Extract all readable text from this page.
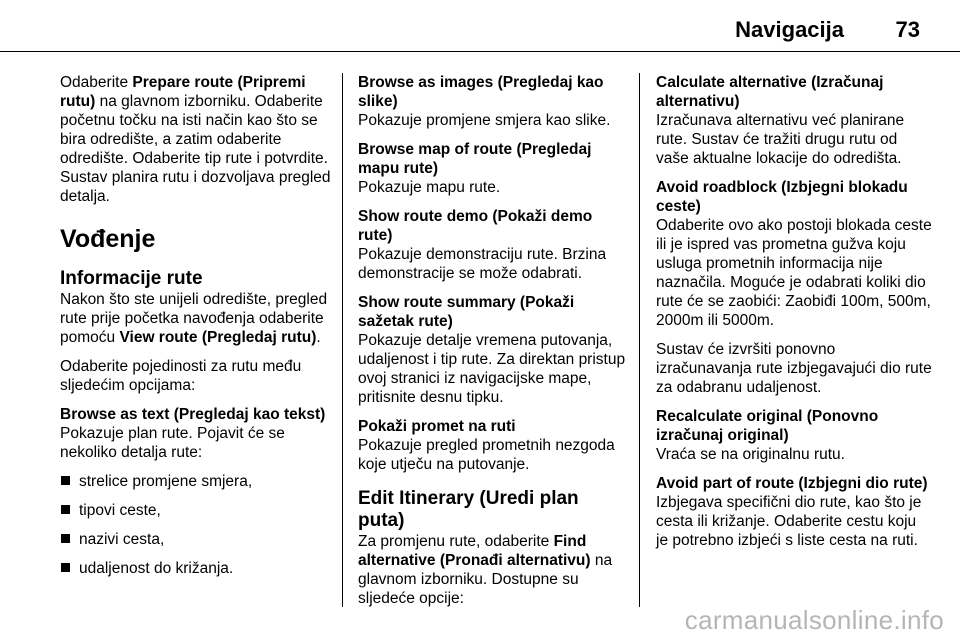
Navigacija 73

Odaberite Prepare route (Pripremi rutu) na glavnom izborniku. Odaberite početnu točku na isti način kao što se bira odredište, a zatim odaberite odredište. Odaberite tip rute i potvrdite. Sustav planira rutu i dozvoljava pregled detalja.

Vođenje
Informacije rute

Nakon što ste unijeli odredište, pregled rute prije početka navođenja odaberite pomoću View route (Pregledaj rutu).

Odaberite pojedinosti za rutu među sljedećim opcijama:

Browse as text (Pregledaj kao tekst)
Pokazuje plan rute. Pojavit će se nekoliko detalja rute:
strelice promjene smjera,
tipovi ceste,
nazivi cesta,
udaljenost do križanja.
Browse as images (Pregledaj kao slike)
Pokazuje promjene smjera kao slike.
Browse map of route (Pregledaj mapu rute)
Pokazuje mapu rute.
Show route demo (Pokaži demo rute)
Pokazuje demonstraciju rute. Brzina demonstracije se može odabrati.
Show route summary (Pokaži sažetak rute)
Pokazuje detalje vremena putovanja, udaljenost i tip rute. Za direktan pristup ovoj stranici iz navigacijske mape, pritisnite desnu tipku.
Pokaži promet na ruti
Pokazuje pregled prometnih nezgoda koje utječu na putovanje.
Edit Itinerary (Uredi plan puta)

Za promjenu rute, odaberite Find alternative (Pronađi alternativu) na glavnom izborniku. Dostupne su sljedeće opcije:

Calculate alternative (Izračunaj alternativu)
Izračunava alternativu već planirane rute. Sustav će tražiti drugu rutu od vaše aktualne lokacije do odredišta.
Avoid roadblock (Izbjegni blokadu ceste)
Odaberite ovo ako postoji blokada ceste ili je ispred vas prometna gužva koju usluga prometnih informacija nije naznačila. Moguće je odabrati koliki dio rute će se zaobići: Zaobiđi 100m, 500m, 2000m ili 5000m.

Sustav će izvršiti ponovno izračunavanja rute izbjegavajući dio rute za odabranu udaljenost.

Recalculate original (Ponovno izračunaj original)
Vraća se na originalnu rutu.
Avoid part of route (Izbjegni dio rute)
Izbjegava specifični dio rute, kao što je cesta ili križanje. Odaberite cestu koju je potrebno izbjeći s liste cesta na ruti.
carmanualsonline.info
